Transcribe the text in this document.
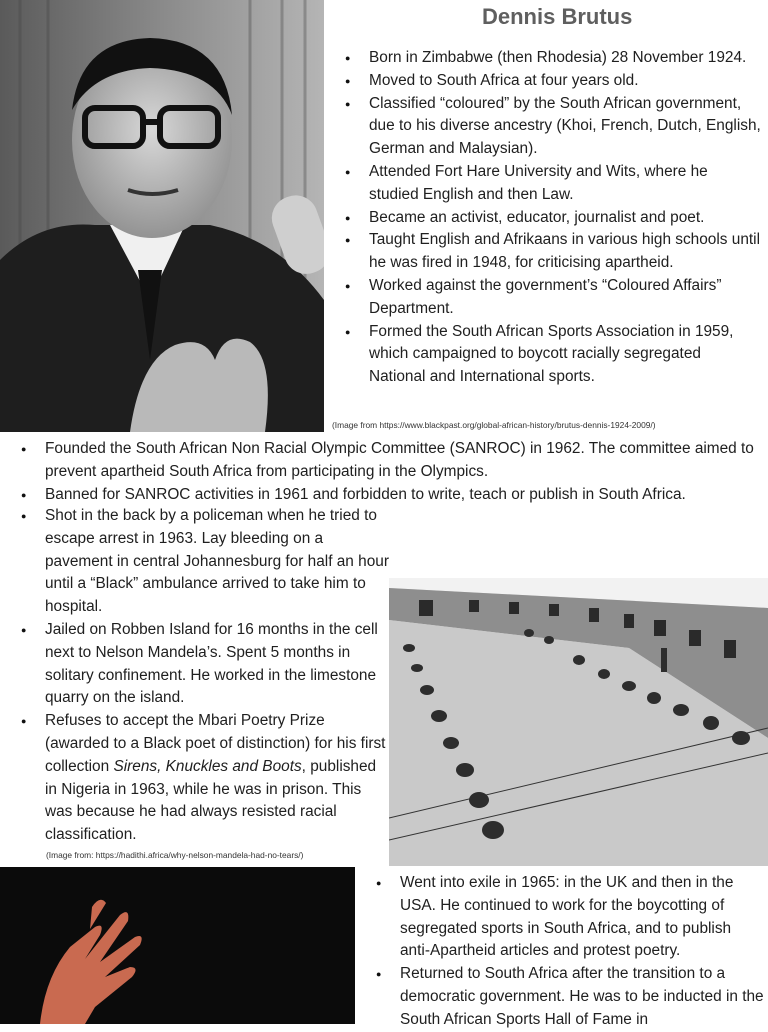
Dennis Brutus
● Born in Zimbabwe (then Rhodesia) 28 November 1924.
● Moved to South Africa at four years old.
● Classified “coloured” by the South African government, due to his diverse ancestry (Khoi, French, Dutch, English, German and Malaysian).
● Attended Fort Hare University and Wits, where he studied English and then Law.
● Became an activist, educator, journalist and poet.
● Taught English and Afrikaans in various high schools until he was fired in 1948, for criticising apartheid.
● Worked against the government’s “Coloured Affairs” Department.
● Formed the South African Sports Association in 1959, which campaigned to boycott racially segregated National and International sports.
(Image from https://www.blackpast.org/global-african-history/brutus-dennis-1924-2009/)
● Founded the South African Non Racial Olympic Committee (SANROC) in 1962. The committee aimed to prevent apartheid South Africa from participating in the Olympics.
● Banned for SANROC activities in 1961 and forbidden to write, teach or publish in South Africa.
● Shot in the back by a policeman when he tried to escape arrest in 1963. Lay bleeding on a pavement in central Johannesburg for half an hour until a “Black” ambulance arrived to take him to hospital.
● Jailed on Robben Island for 16 months in the cell next to Nelson Mandela’s. Spent 5 months in solitary confinement. He worked in the limestone quarry on the island.
● Refuses to accept the Mbari Poetry Prize (awarded to a Black poet of distinction) for his first collection Sirens, Knuckles and Boots, published in Nigeria in 1963, while he was in prison. This was because he had always resisted racial classification.
(Image from: https://hadithi.africa/why-nelson-mandela-had-no-tears/)
● Went into exile in 1965: in the UK and then in the USA. He continued to work for the boycotting of segregated sports in South Africa, and to publish anti-Apartheid articles and protest poetry.
● Returned to South Africa after the transition to a democratic government. He was to be inducted in the South African Sports Hall of Fame in
